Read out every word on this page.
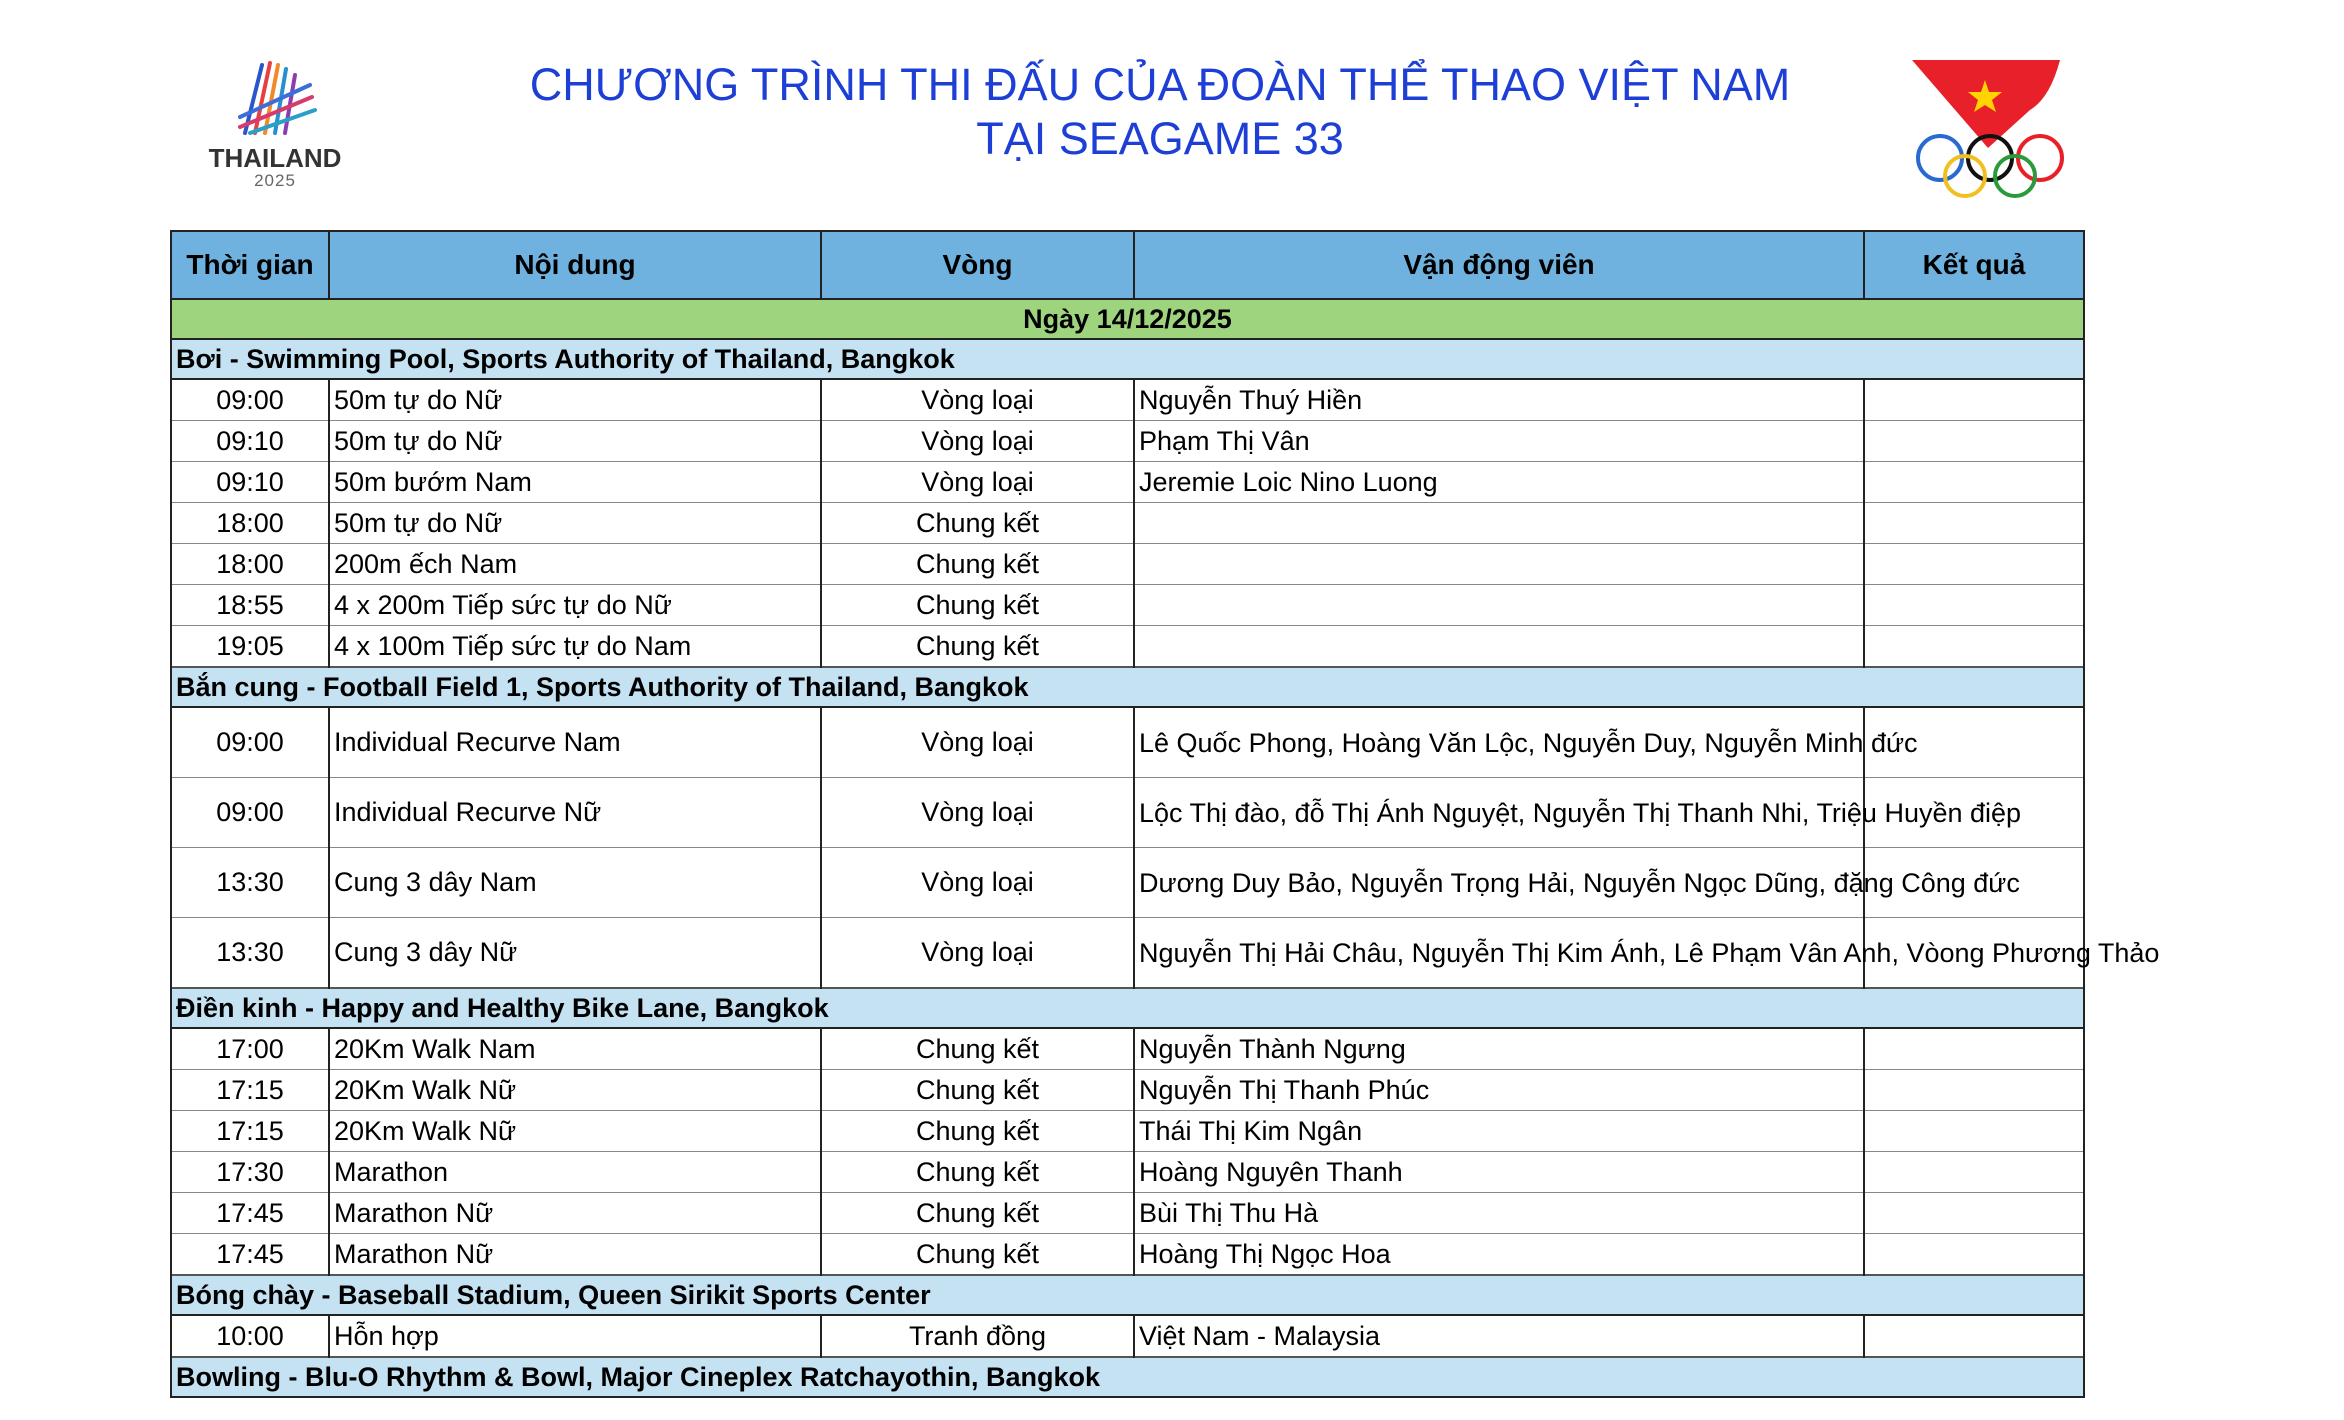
THAILAND
2025
CHƯƠNG TRÌNH THI ĐẤU CỦA ĐOÀN THỂ THAO VIỆT NAM
TẠI SEAGAME 33
Thời gian	Nội dung	Vòng	Vận động viên	Kết quả
Ngày 14/12/2025				
Bơi - Swimming Pool, Sports Authority of Thailand, Bangkok				
09:00	50m tự do Nữ	Vòng loại	Nguyễn Thuý Hiền	
09:10	50m tự do Nữ	Vòng loại	Phạm Thị Vân	
09:10	50m bướm Nam	Vòng loại	Jeremie Loic Nino Luong	
18:00	50m tự do Nữ	Chung kết		
18:00	200m ếch Nam	Chung kết		
18:55	4 x 200m Tiếp sức tự do Nữ	Chung kết		
19:05	4 x 100m Tiếp sức tự do Nam	Chung kết		
Bắn cung - Football Field 1, Sports Authority of Thailand, Bangkok				
09:00	Individual Recurve Nam	Vòng loại	Lê Quốc Phong, Hoàng Văn Lộc, Nguyễn Duy, Nguyễn Minh đức	
09:00	Individual Recurve Nữ	Vòng loại	Lộc Thị đào, đỗ Thị Ánh Nguyệt, Nguyễn Thị Thanh Nhi, Triệu Huyền điệp	
13:30	Cung 3 dây Nam	Vòng loại	Dương Duy Bảo, Nguyễn Trọng Hải, Nguyễn Ngọc Dũng, đặng Công đức	
13:30	Cung 3 dây Nữ	Vòng loại	Nguyễn Thị Hải Châu, Nguyễn Thị Kim Ánh, Lê Phạm Vân Anh, Vòong Phương Thảo	
Điền kinh - Happy and Healthy Bike Lane, Bangkok				
17:00	20Km Walk Nam	Chung kết	Nguyễn Thành Ngưng	
17:15	20Km Walk Nữ	Chung kết	Nguyễn Thị Thanh Phúc	
17:15	20Km Walk Nữ	Chung kết	Thái Thị Kim Ngân	
17:30	Marathon	Chung kết	Hoàng Nguyên Thanh	
17:45	Marathon Nữ	Chung kết	Bùi Thị Thu Hà	
17:45	Marathon Nữ	Chung kết	Hoàng Thị Ngọc Hoa	
Bóng chày - Baseball Stadium, Queen Sirikit Sports Center				
10:00	Hỗn hợp	Tranh đồng	Việt Nam - Malaysia	
Bowling - Blu-O Rhythm & Bowl, Major Cineplex Ratchayothin, Bangkok				
